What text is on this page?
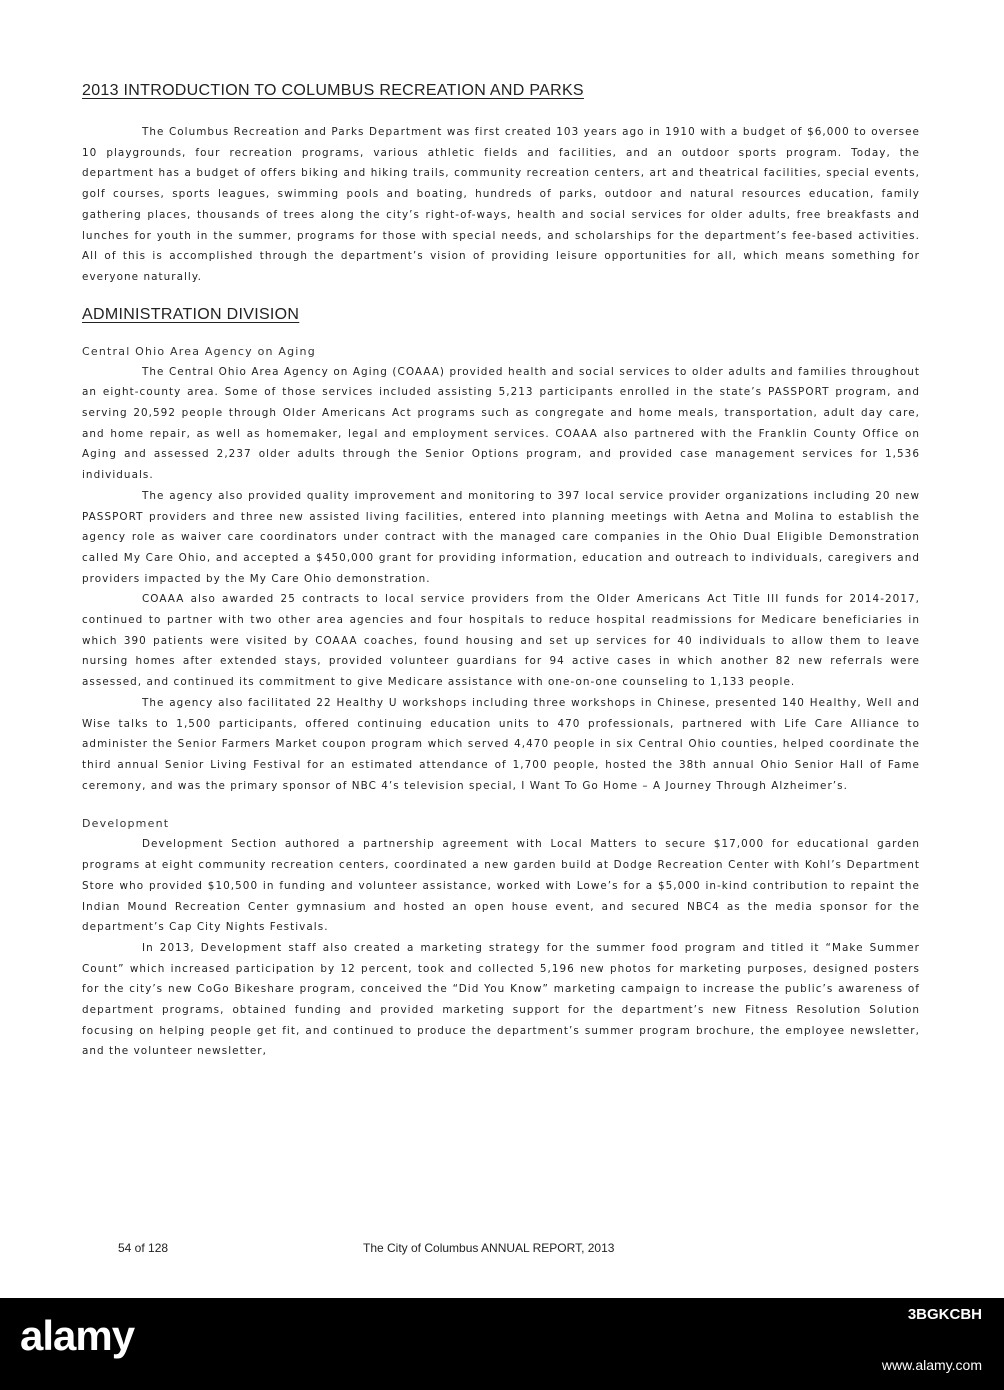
2013 INTRODUCTION TO COLUMBUS RECREATION AND PARKS

The Columbus Recreation and Parks Department was first created 103 years ago in 1910 with a budget of $6,000 to oversee 10 playgrounds, four recreation programs, various athletic fields and facilities, and an outdoor sports program. Today, the department has a budget of offers biking and hiking trails, community recreation centers, art and theatrical facilities, special events, golf courses, sports leagues, swimming pools and boating, hundreds of parks, outdoor and natural resources education, family gathering places, thousands of trees along the city’s right-of-ways, health and social services for older adults, free breakfasts and lunches for youth in the summer, programs for those with special needs, and scholarships for the department’s fee-based activities. All of this is accomplished through the department’s vision of providing leisure opportunities for all, which means something for everyone naturally.

ADMINISTRATION DIVISION
Central Ohio Area Agency on Aging

The Central Ohio Area Agency on Aging (COAAA) provided health and social services to older adults and families throughout an eight-county area. Some of those services included assisting 5,213 participants enrolled in the state’s PASSPORT program, and serving 20,592 people through Older Americans Act programs such as congregate and home meals, transportation, adult day care, and home repair, as well as homemaker, legal and employment services. COAAA also partnered with the Franklin County Office on Aging and assessed 2,237 older adults through the Senior Options program, and provided case management services for 1,536 individuals.

The agency also provided quality improvement and monitoring to 397 local service provider organizations including 20 new PASSPORT providers and three new assisted living facilities, entered into planning meetings with Aetna and Molina to establish the agency role as waiver care coordinators under contract with the managed care companies in the Ohio Dual Eligible Demonstration called My Care Ohio, and accepted a $450,000 grant for providing information, education and outreach to individuals, caregivers and providers impacted by the My Care Ohio demonstration.

COAAA also awarded 25 contracts to local service providers from the Older Americans Act Title III funds for 2014-2017, continued to partner with two other area agencies and four hospitals to reduce hospital readmissions for Medicare beneficiaries in which 390 patients were visited by COAAA coaches, found housing and set up services for 40 individuals to allow them to leave nursing homes after extended stays, provided volunteer guardians for 94 active cases in which another 82 new referrals were assessed, and continued its commitment to give Medicare assistance with one-on-one counseling to 1,133 people.

The agency also facilitated 22 Healthy U workshops including three workshops in Chinese, presented 140 Healthy, Well and Wise talks to 1,500 participants, offered continuing education units to 470 professionals, partnered with Life Care Alliance to administer the Senior Farmers Market coupon program which served 4,470 people in six Central Ohio counties, helped coordinate the third annual Senior Living Festival for an estimated attendance of 1,700 people, hosted the 38th annual Ohio Senior Hall of Fame ceremony, and was the primary sponsor of NBC 4’s television special, I Want To Go Home – A Journey Through Alzheimer’s.

Development

Development Section authored a partnership agreement with Local Matters to secure $17,000 for educational garden programs at eight community recreation centers, coordinated a new garden build at Dodge Recreation Center with Kohl’s Department Store who provided $10,500 in funding and volunteer assistance, worked with Lowe’s for a $5,000 in-kind contribution to repaint the Indian Mound Recreation Center gymnasium and hosted an open house event, and secured NBC4 as the media sponsor for the department’s Cap City Nights Festivals.

In 2013, Development staff also created a marketing strategy for the summer food program and titled it “Make Summer Count” which increased participation by 12 percent, took and collected 5,196 new photos for marketing purposes, designed posters for the city’s new CoGo Bikeshare program, conceived the “Did You Know” marketing campaign to increase the public’s awareness of department programs, obtained funding and provided marketing support for the department’s new Fitness Resolution Solution focusing on helping people get fit, and continued to produce the department’s summer program brochure, the employee newsletter, and the volunteer newsletter,

54 of 128	The City of Columbus ANNUAL REPORT, 2013
alamy	3BGKCBH
www.alamy.com
